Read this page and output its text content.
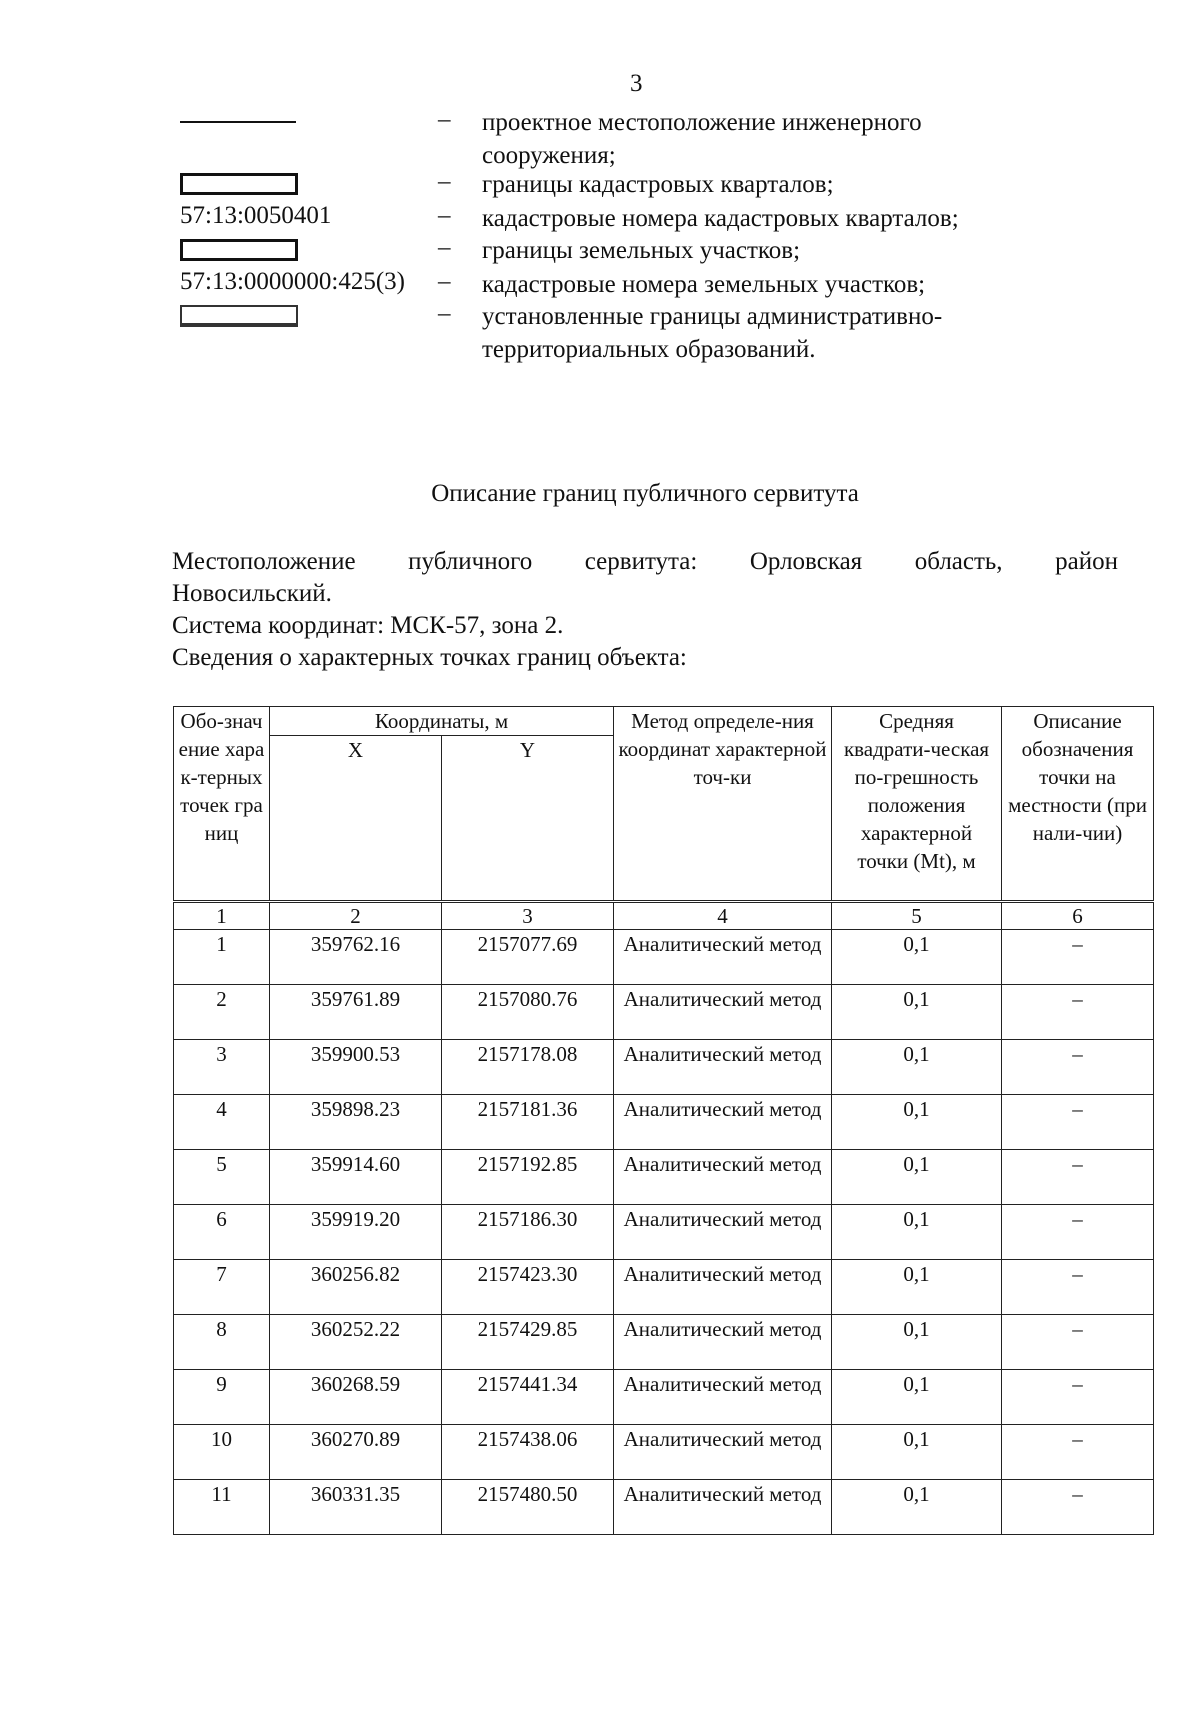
3
– проектное местоположение инженерного сооружения;
– границы кадастровых кварталов;
57:13:0050401	– кадастровые номера кадастровых кварталов;
– границы земельных участков;
57:13:0000000:425(3) – кадастровые номера земельных участков;
– установленные границы административно-территориальных образований.
Описание границ публичного сервитута
Местоположение публичного сервитута: Орловская область, район
Новосильский.
Система координат: МСК-57, зона 2.
Сведения о характерных точках границ объекта:
Обо-значение харак-терных точек границ	Координаты, м		Метод определе-ния координат характерной точ-ки	Средняя квадрати-ческая по-грешность положения характерной точки (Mt), м	Описание обозначения точки на местности (при нали-чии)
	X	Y			
1	2	3	4	5	6
1	359762.16	2157077.69	Аналитический метод	0,1	–
2	359761.89	2157080.76	Аналитический метод	0,1	–
3	359900.53	2157178.08	Аналитический метод	0,1	–
4	359898.23	2157181.36	Аналитический метод	0,1	–
5	359914.60	2157192.85	Аналитический метод	0,1	–
6	359919.20	2157186.30	Аналитический метод	0,1	–
7	360256.82	2157423.30	Аналитический метод	0,1	–
8	360252.22	2157429.85	Аналитический метод	0,1	–
9	360268.59	2157441.34	Аналитический метод	0,1	–
10	360270.89	2157438.06	Аналитический метод	0,1	–
11	360331.35	2157480.50	Аналитический метод	0,1	–
